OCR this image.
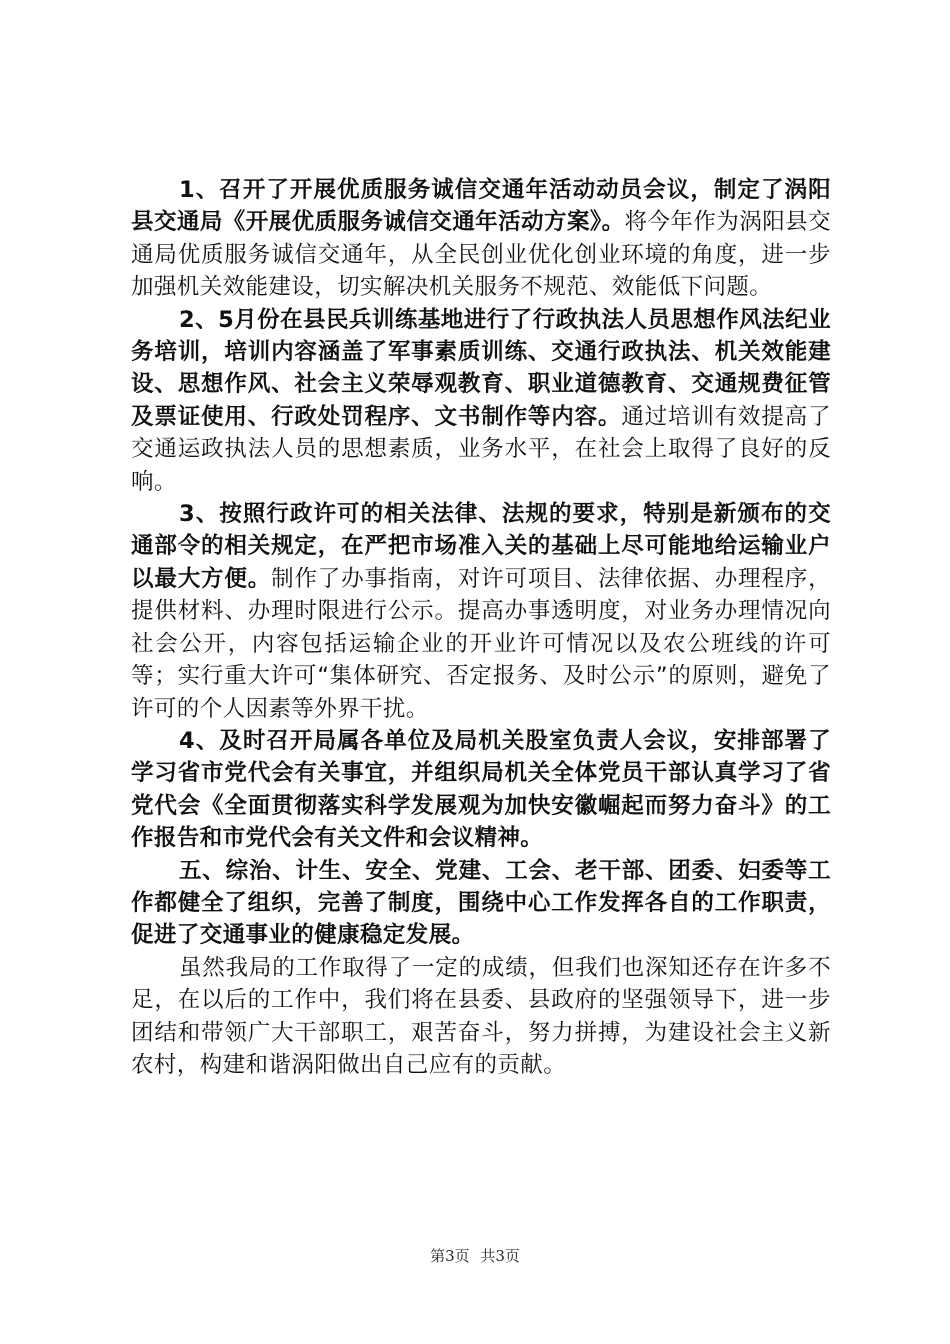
1、召开了开展优质服务诚信交通年活动动员会议，制定了涡阳县交通局《开展优质服务诚信交通年活动方案》。将今年作为涡阳县交通局优质服务诚信交通年，从全民创业优化创业环境的角度，进一步加强机关效能建设，切实解决机关服务不规范、效能低下问题。

2、5月份在县民兵训练基地进行了行政执法人员思想作风法纪业务培训，培训内容涵盖了军事素质训练、交通行政执法、机关效能建设、思想作风、社会主义荣辱观教育、职业道德教育、交通规费征管及票证使用、行政处罚程序、文书制作等内容。通过培训有效提高了交通运政执法人员的思想素质，业务水平，在社会上取得了良好的反响。

3、按照行政许可的相关法律、法规的要求，特别是新颁布的交通部令的相关规定，在严把市场准入关的基础上尽可能地给运输业户以最大方便。制作了办事指南，对许可项目、法律依据、办理程序，提供材料、办理时限进行公示。提高办事透明度，对业务办理情况向社会公开，内容包括运输企业的开业许可情况以及农公班线的许可等；实行重大许可“集体研究、否定报务、及时公示”的原则，避免了许可的个人因素等外界干扰。

4、及时召开局属各单位及局机关股室负责人会议，安排部署了学习省市党代会有关事宜，并组织局机关全体党员干部认真学习了省党代会《全面贯彻落实科学发展观为加快安徽崛起而努力奋斗》的工作报告和市党代会有关文件和会议精神。

五、综治、计生、安全、党建、工会、老干部、团委、妇委等工作都健全了组织，完善了制度，围绕中心工作发挥各自的工作职责，促进了交通事业的健康稳定发展。

虽然我局的工作取得了一定的成绩，但我们也深知还存在许多不足，在以后的工作中，我们将在县委、县政府的坚强领导下，进一步团结和带领广大干部职工，艰苦奋斗，努力拼搏，为建设社会主义新农村，构建和谐涡阳做出自己应有的贡献。

第3页 共3页
